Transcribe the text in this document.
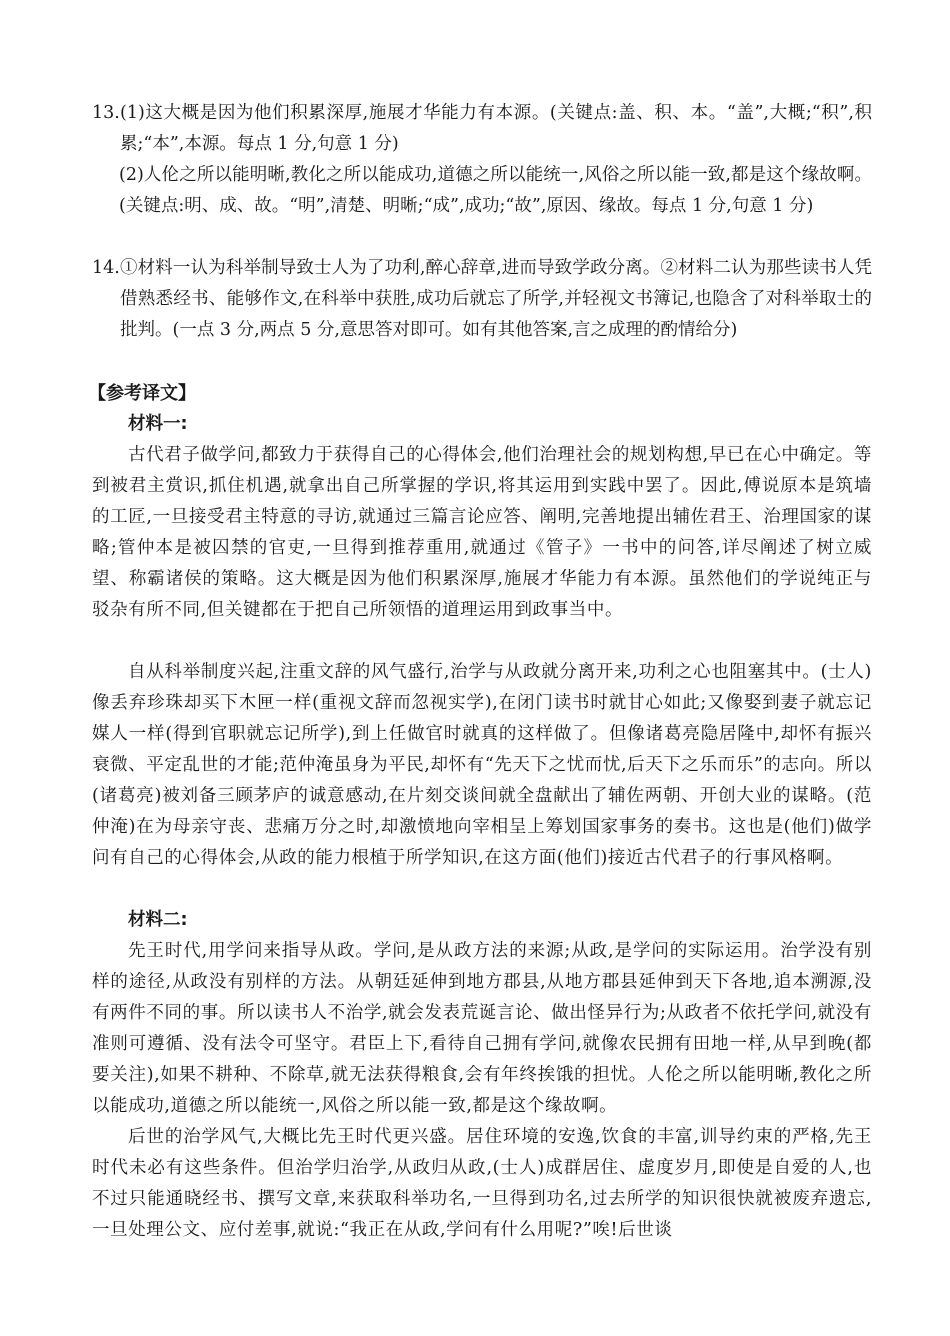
13. (1)这大概是因为他们积累深厚,施展才华能力有本源。(关键点:盖、积、本。“盖”,大概;“积”,积累;“本”,本源。每点 1 分,句意 1 分)
(2)人伦之所以能明晰,教化之所以能成功,道德之所以能统一,风俗之所以能一致,都是这个缘故啊。(关键点:明、成、故。“明”,清楚、明晰;“成”,成功;“故”,原因、缘故。每点 1 分,句意 1 分)
14. ①材料一认为科举制导致士人为了功利,醉心辞章,进而导致学政分离。②材料二认为那些读书人凭借熟悉经书、能够作文,在科举中获胜,成功后就忘了所学,并轻视文书簿记,也隐含了对科举取士的批判。(一点 3 分,两点 5 分,意思答对即可。如有其他答案,言之成理的酌情给分)
【参考译文】
材料一:
古代君子做学问,都致力于获得自己的心得体会,他们治理社会的规划构想,早已在心中确定。等到被君主赏识,抓住机遇,就拿出自己所掌握的学识,将其运用到实践中罢了。因此,傅说原本是筑墙的工匠,一旦接受君主特意的寻访,就通过三篇言论应答、阐明,完善地提出辅佐君王、治理国家的谋略;管仲本是被囚禁的官吏,一旦得到推荐重用,就通过《管子》一书中的问答,详尽阐述了树立威望、称霸诸侯的策略。这大概是因为他们积累深厚,施展才华能力有本源。虽然他们的学说纯正与驳杂有所不同,但关键都在于把自己所领悟的道理运用到政事当中。
自从科举制度兴起,注重文辞的风气盛行,治学与从政就分离开来,功利之心也阻塞其中。(士人)像丢弃珍珠却买下木匣一样(重视文辞而忽视实学),在闭门读书时就甘心如此;又像娶到妻子就忘记媒人一样(得到官职就忘记所学),到上任做官时就真的这样做了。但像诸葛亮隐居隆中,却怀有振兴衰微、平定乱世的才能;范仲淹虽身为平民,却怀有“先天下之忧而忧,后天下之乐而乐”的志向。所以(诸葛亮)被刘备三顾茅庐的诚意感动,在片刻交谈间就全盘献出了辅佐两朝、开创大业的谋略。(范仲淹)在为母亲守丧、悲痛万分之时,却激愤地向宰相呈上筹划国家事务的奏书。这也是(他们)做学问有自己的心得体会,从政的能力根植于所学知识,在这方面(他们)接近古代君子的行事风格啊。
材料二:
先王时代,用学问来指导从政。学问,是从政方法的来源;从政,是学问的实际运用。治学没有别样的途径,从政没有别样的方法。从朝廷延伸到地方郡县,从地方郡县延伸到天下各地,追本溯源,没有两件不同的事。所以读书人不治学,就会发表荒诞言论、做出怪异行为;从政者不依托学问,就没有准则可遵循、没有法令可坚守。君臣上下,看待自己拥有学问,就像农民拥有田地一样,从早到晚(都要关注),如果不耕种、不除草,就无法获得粮食,会有年终挨饿的担忧。人伦之所以能明晰,教化之所以能成功,道德之所以能统一,风俗之所以能一致,都是这个缘故啊。
后世的治学风气,大概比先王时代更兴盛。居住环境的安逸,饮食的丰富,训导约束的严格,先王时代未必有这些条件。但治学归治学,从政归从政,(士人)成群居住、虚度岁月,即使是自爱的人,也不过只能通晓经书、撰写文章,来获取科举功名,一旦得到功名,过去所学的知识很快就被废弃遗忘,一旦处理公文、应付差事,就说:“我正在从政,学问有什么用呢?”唉!后世谈
